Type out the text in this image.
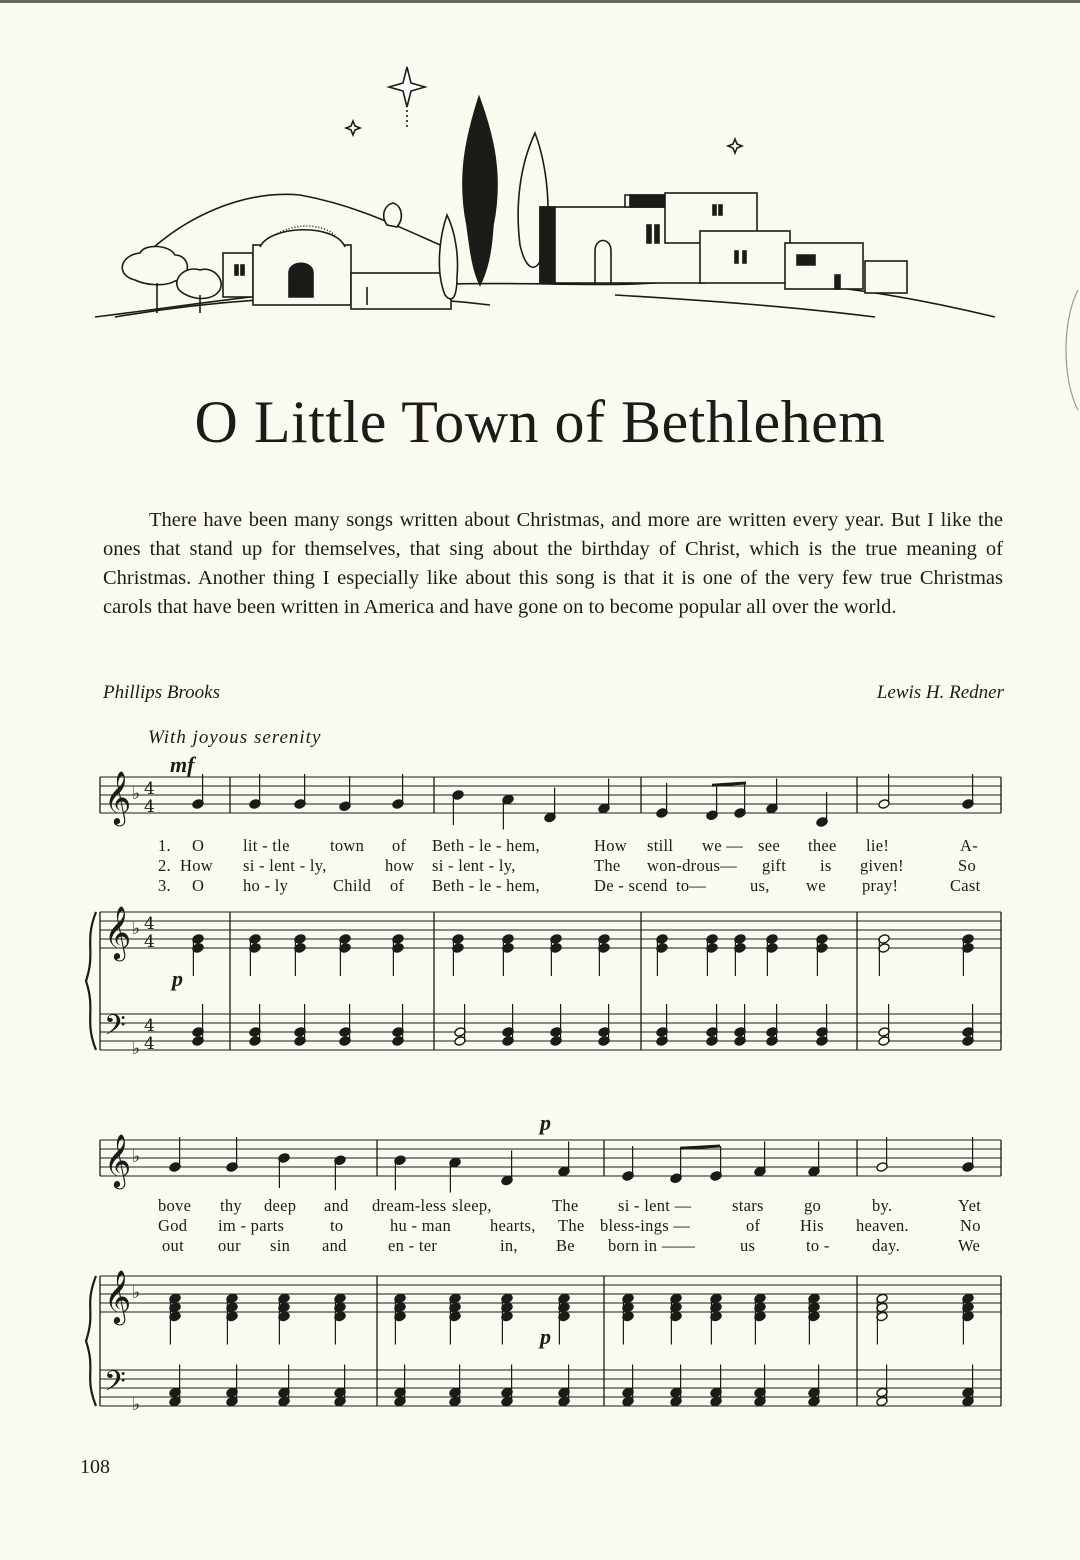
O Little Town of Bethlehem

There have been many songs written about Christmas, and more are written every year. But I like the ones that stand up for themselves, that sing about the birthday of Christ, which is the true meaning of Christmas. Another thing I especially like about this song is that it is one of the very few true Christmas carols that have been written in America and have gone on to become popular all over the world.

Phillips Brooks	Lewis H. Redner
With joyous serenity
mf
p
p
p
𝄞
𝄞
𝄢
♭
♭
♭
4
4
4
4
4
4
𝄞
𝄞
𝄢
♭
♭
♭
1. O lit - tle town of Beth - le - hem,	How still we — see thee lie!	A-
2. How si - lent - ly,	how si - lent - ly,	The won-drous— gift is given!	So
3. O ho - ly	Child of Beth - le - hem,	De - scend to—	us, we pray!	Cast
bove thy deep and dream-less sleep,	The si - lent — stars go	by.	Yet
God im - parts	to	hu - man hearts, The bless-ings —	of His heaven.	No
out our sin and	en - ter	in, Be born in ——	us	to -	day.	We
108
